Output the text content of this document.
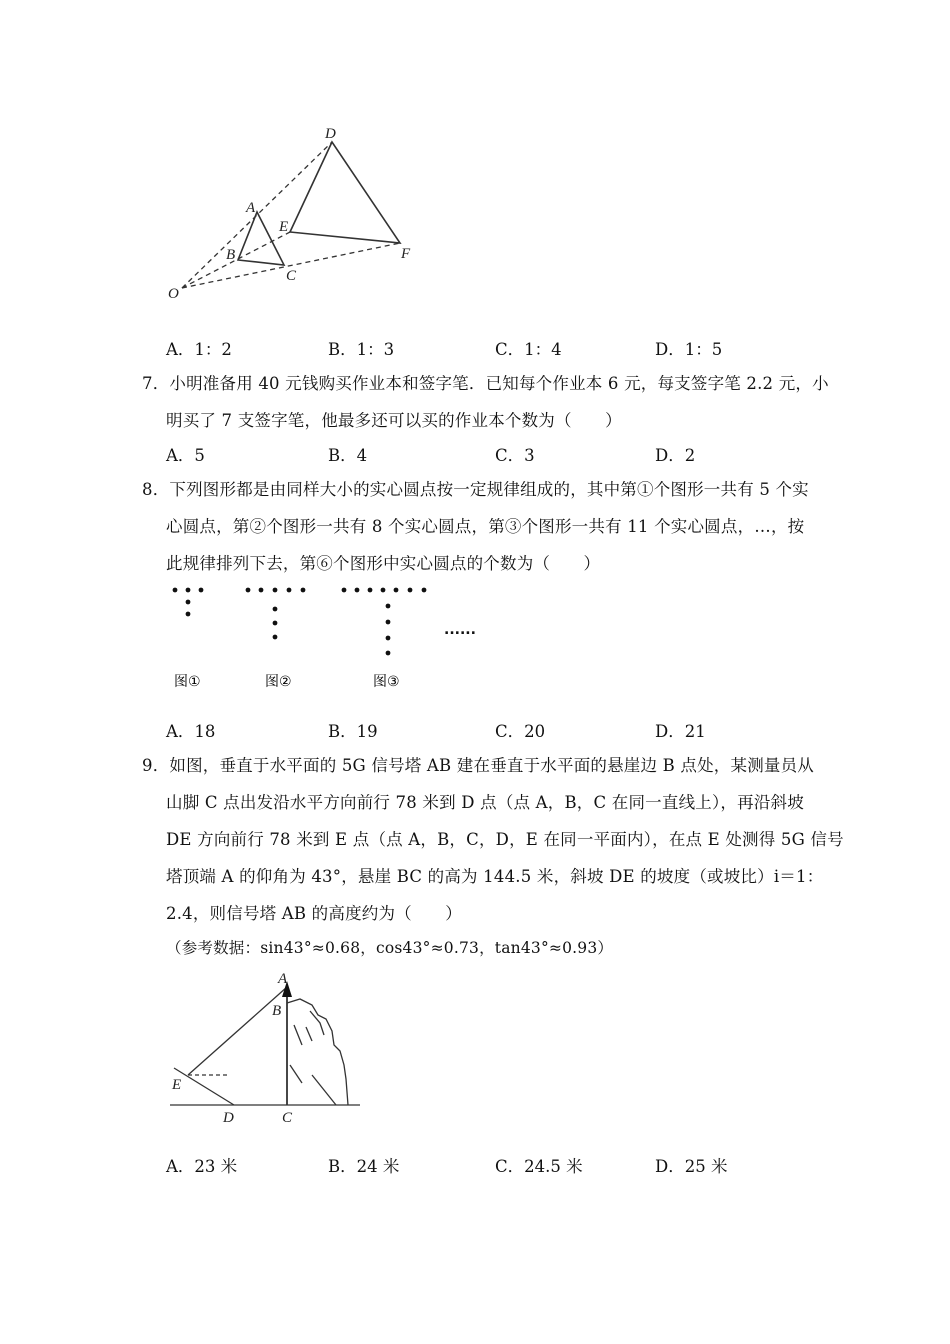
D
A
E
B
C
F
O
A．1：2	B．1：3	C．1：4	D．1：5
7．小明准备用 40 元钱购买作业本和签字笔．已知每个作业本 6 元，每支签字笔 2.2 元，小
明买了 7 支签字笔，他最多还可以买的作业本个数为（　　）
A．5	B．4	C．3	D．2
8．下列图形都是由同样大小的实心圆点按一定规律组成的，其中第①个图形一共有 5 个实
心圆点，第②个图形一共有 8 个实心圆点，第③个图形一共有 11 个实心圆点，…，按
此规律排列下去，第⑥个图形中实心圆点的个数为（　　）
......
图①	图②	图③
A．18	B．19	C．20	D．21
9．如图，垂直于水平面的 5G 信号塔 AB 建在垂直于水平面的悬崖边 B 点处，某测量员从
山脚 C 点出发沿水平方向前行 78 米到 D 点（点 A，B，C 在同一直线上），再沿斜坡
DE 方向前行 78 米到 E 点（点 A，B，C，D，E 在同一平面内），在点 E 处测得 5G 信号
塔顶端 A 的仰角为 43°，悬崖 BC 的高为 144.5 米，斜坡 DE 的坡度（或坡比）i＝1：
2.4，则信号塔 AB 的高度约为（　　）
（参考数据：sin43°≈0.68，cos43°≈0.73，tan43°≈0.93）
A
B
E
D	C
A．23 米	B．24 米	C．24.5 米	D．25 米
